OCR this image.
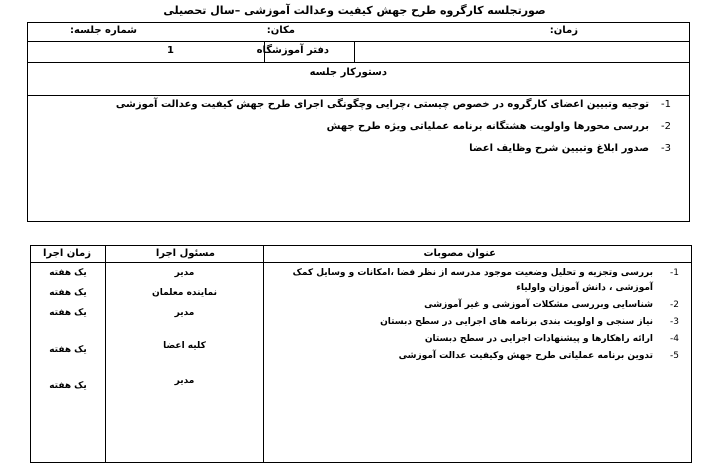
صورتجلسه کارگروه طرح جهش کیفیت وعدالت آموزشی –سال تحصیلی
زمان:
مکان:
شماره جلسه:
دفتر آموزشگاه
1
دستورکار جلسه
1-
توجیه وتبیین اعضای کارگروه در خصوص چیستی ،چرایی وچگونگی اجرای طرح جهش کیفیت وعدالت آموزشی
2-
بررسی محورها واولویت هشتگانه برنامه عملیاتی ویژه طرح جهش
3-
صدور ابلاغ وتبیین شرح وظایف اعضا
عنوان مصوبات
مسئول اجرا
زمان اجرا
1-
بررسی وتجزیه و تحلیل وضعیت موجود مدرسه از نظر فضا ،امکانات و وسایل کمک آموزشی ، دانش آموزان واولیاء
2-
شناسایی وبررسی مشکلات آموزشی و غیر آموزشی
3-
نیاز سنجی و اولویت بندی برنامه های اجرایی در سطح دبستان
4-
ارائه راهکارها و پیشنهادات اجرایی در سطح دبستان
5-
تدوین برنامه عملیاتی طرح جهش وکیفیت عدالت آموزشی
مدیر
نماینده معلمان
مدیر
کلیه اعضا
مدیر
یک هفته
یک هفته
یک هفته
یک هفته
یک هفته
